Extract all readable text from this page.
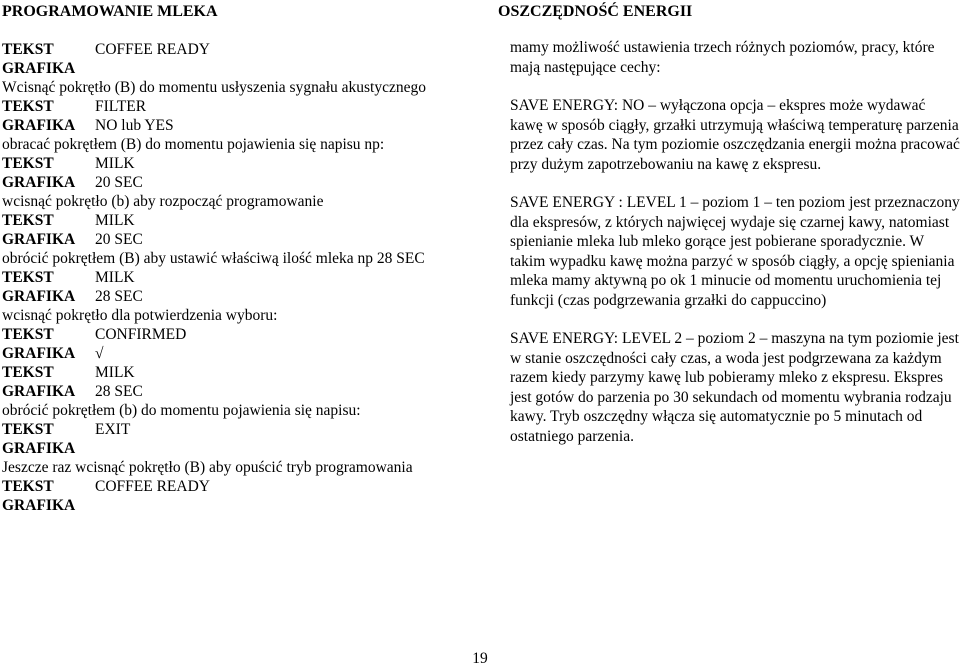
PROGRAMOWANIE MLEKA
TEKST	COFFEE READY
GRAFIKA
Wcisnąć pokrętło (B) do momentu usłyszenia sygnału akustycznego
TEKST	FILTER
GRAFIKA NO lub YES
obracać pokrętłem (B) do momentu pojawienia się napisu np:
TEKST	MILK
GRAFIKA 20 SEC
wcisnąć pokrętło (b) aby rozpocząć programowanie
TEKST	MILK
GRAFIKA 20 SEC
obrócić pokrętłem (B) aby ustawić właściwą ilość mleka np 28 SEC
TEKST	MILK
GRAFIKA 28 SEC
wcisnąć pokrętło dla potwierdzenia wyboru:
TEKST	CONFIRMED
GRAFIKA √
TEKST	MILK
GRAFIKA 28 SEC
obrócić pokrętłem (b) do momentu pojawienia się napisu:
TEKST	EXIT
GRAFIKA
Jeszcze raz wcisnąć pokrętło (B) aby opuścić tryb programowania
TEKST	COFFEE READY
GRAFIKA
OSZCZĘDNOŚĆ ENERGII
mamy możliwość ustawienia trzech różnych poziomów, pracy, które mają następujące cechy:
SAVE ENERGY: NO – wyłączona opcja – ekspres może wydawać kawę w sposób ciągły, grzałki utrzymują właściwą temperaturę parzenia przez cały czas. Na tym poziomie oszczędzania energii można pracować przy dużym zapotrzebowaniu na kawę z ekspresu.
SAVE ENERGY : LEVEL 1 – poziom 1 – ten poziom jest przeznaczony dla ekspresów, z których najwięcej wydaje się czarnej kawy, natomiast spienianie mleka lub mleko gorące jest pobierane sporadycznie. W takim wypadku kawę można parzyć w sposób ciągły, a opcję spieniania mleka mamy aktywną po ok 1 minucie od momentu uruchomienia tej funkcji (czas podgrzewania grzałki do cappuccino)
SAVE ENERGY: LEVEL 2 – poziom 2 – maszyna na tym poziomie jest w stanie oszczędności cały czas, a woda jest podgrzewana za każdym razem kiedy parzymy kawę lub pobieramy mleko z ekspresu. Ekspres jest gotów do parzenia po 30 sekundach od momentu wybrania rodzaju kawy. Tryb oszczędny włącza się automatycznie po 5 minutach od ostatniego parzenia.
19
